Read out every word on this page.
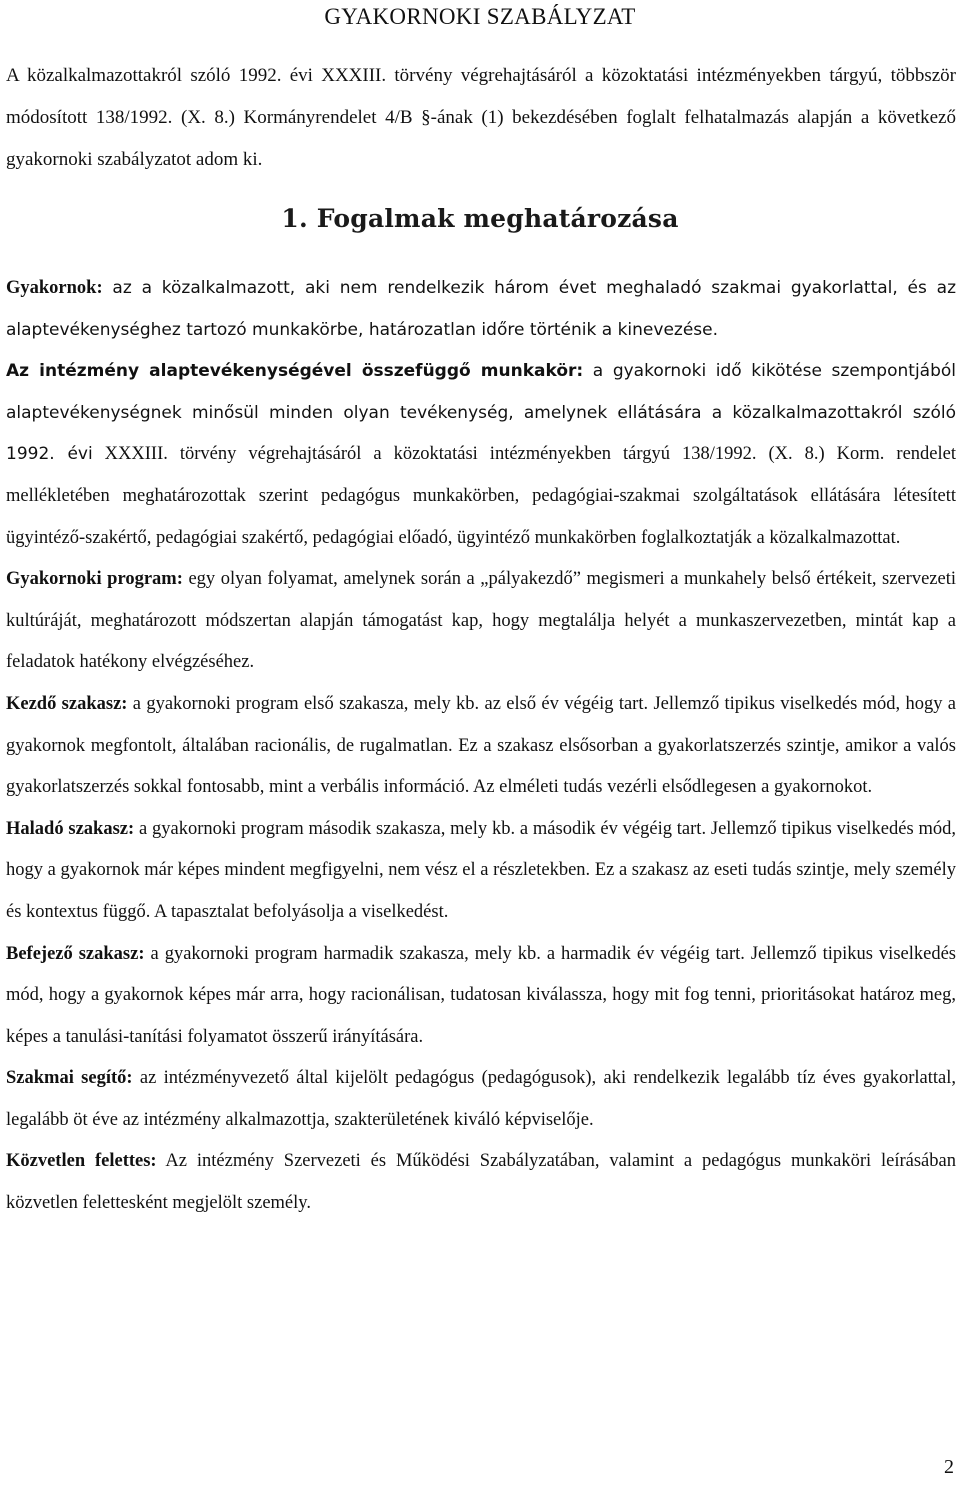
GYAKORNOKI SZABÁLYZAT
A közalkalmazottakról szóló 1992. évi XXXIII. törvény végrehajtásáról a közoktatási intézményekben tárgyú, többször módosított 138/1992. (X. 8.) Kormányrendelet 4/B §-ának (1) bekezdésében foglalt felhatalmazás alapján a következő gyakornoki szabályzatot adom ki.
1. Fogalmak meghatározása
Gyakornok: az a közalkalmazott, aki nem rendelkezik három évet meghaladó szakmai gyakorlattal, és az alaptevékenységhez tartozó munkakörbe, határozatlan időre történik a kinevezése.
Az intézmény alaptevékenységével összefüggő munkakör: a gyakornoki idő kikötése szempontjából alaptevékenységnek minősül minden olyan tevékenység, amelynek ellátására a közalkalmazottakról szóló 1992. évi XXXIII. törvény végrehajtásáról a közoktatási intézményekben tárgyú 138/1992. (X. 8.) Korm. rendelet mellékletében meghatározottak szerint pedagógus munkakörben, pedagógiai-szakmai szolgáltatások ellátására létesített ügyintéző-szakértő, pedagógiai szakértő, pedagógiai előadó, ügyintéző munkakörben foglalkoztatják a közalkalmazottat.
Gyakornoki program: egy olyan folyamat, amelynek során a „pályakezdő” megismeri a munkahely belső értékeit, szervezeti kultúráját, meghatározott módszertan alapján támogatást kap, hogy megtalálja helyét a munkaszervezetben, mintát kap a feladatok hatékony elvégzéséhez.
Kezdő szakasz: a gyakornoki program első szakasza, mely kb. az első év végéig tart. Jellemző tipikus viselkedés mód, hogy a gyakornok megfontolt, általában racionális, de rugalmatlan. Ez a szakasz elsősorban a gyakorlatszerzés szintje, amikor a valós gyakorlatszerzés sokkal fontosabb, mint a verbális információ. Az elméleti tudás vezérli elsődlegesen a gyakornokot.
Haladó szakasz: a gyakornoki program második szakasza, mely kb. a második év végéig tart. Jellemző tipikus viselkedés mód, hogy a gyakornok már képes mindent megfigyelni, nem vész el a részletekben. Ez a szakasz az eseti tudás szintje, mely személy és kontextus függő. A tapasztalat befolyásolja a viselkedést.
Befejező szakasz: a gyakornoki program harmadik szakasza, mely kb. a harmadik év végéig tart. Jellemző tipikus viselkedés mód, hogy a gyakornok képes már arra, hogy racionálisan, tudatosan kiválassza, hogy mit fog tenni, prioritásokat határoz meg, képes a tanulási-tanítási folyamatot összerű irányítására.
Szakmai segítő: az intézményvezető által kijelölt pedagógus (pedagógusok), aki rendelkezik legalább tíz éves gyakorlattal, legalább öt éve az intézmény alkalmazottja, szakterületének kiváló képviselője.
Közvetlen felettes: Az intézmény Szervezeti és Működési Szabályzatában, valamint a pedagógus munkaköri leírásában közvetlen felettesként megjelölt személy.
2
